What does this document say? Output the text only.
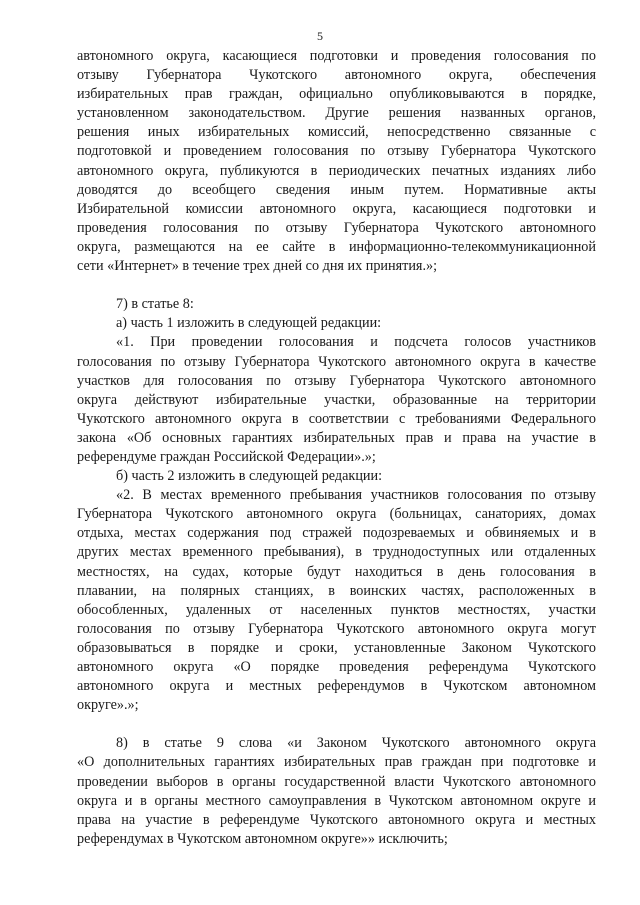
5
автономного округа, касающиеся подготовки и проведения голосования по
отзыву Губернатора Чукотского автономного округа, обеспечения
избирательных прав граждан, официально опубликовываются в порядке,
установленном законодательством. Другие решения названных органов,
решения иных избирательных комиссий, непосредственно связанные с
подготовкой и проведением голосования по отзыву Губернатора Чукотского
автономного округа, публикуются в периодических печатных изданиях либо
доводятся до всеобщего сведения иным путем. Нормативные акты
Избирательной комиссии автономного округа, касающиеся подготовки и
проведения голосования по отзыву Губернатора Чукотского автономного
округа, размещаются на ее сайте в информационно-телекоммуникационной
сети «Интернет» в течение трех дней со дня их принятия.»;
7) в статье 8:
а) часть 1 изложить в следующей редакции:
«1. При проведении голосования и подсчета голосов участников
голосования по отзыву Губернатора Чукотского автономного округа в качестве
участков для голосования по отзыву Губернатора Чукотского автономного
округа действуют избирательные участки, образованные на территории
Чукотского автономного округа в соответствии с требованиями Федерального
закона «Об основных гарантиях избирательных прав и права на участие в
референдуме граждан Российской Федерации».»;
б) часть 2 изложить в следующей редакции:
«2. В местах временного пребывания участников голосования по отзыву
Губернатора Чукотского автономного округа (больницах, санаториях, домах
отдыха, местах содержания под стражей подозреваемых и обвиняемых и в
других местах временного пребывания), в труднодоступных или отдаленных
местностях, на судах, которые будут находиться в день голосования в
плавании, на полярных станциях, в воинских частях, расположенных в
обособленных, удаленных от населенных пунктов местностях, участки
голосования по отзыву Губернатора Чукотского автономного округа могут
образовываться в порядке и сроки, установленные Законом Чукотского
автономного округа «О порядке проведения референдума Чукотского
автономного округа и местных референдумов в Чукотском автономном
округе».»;
8) в статье 9 слова «и Законом Чукотского автономного округа
«О дополнительных гарантиях избирательных прав граждан при подготовке и
проведении выборов в органы государственной власти Чукотского автономного
округа и в органы местного самоуправления в Чукотском автономном округе и
права на участие в референдуме Чукотского автономного округа и местных
референдумах в Чукотском автономном округе»» исключить;
